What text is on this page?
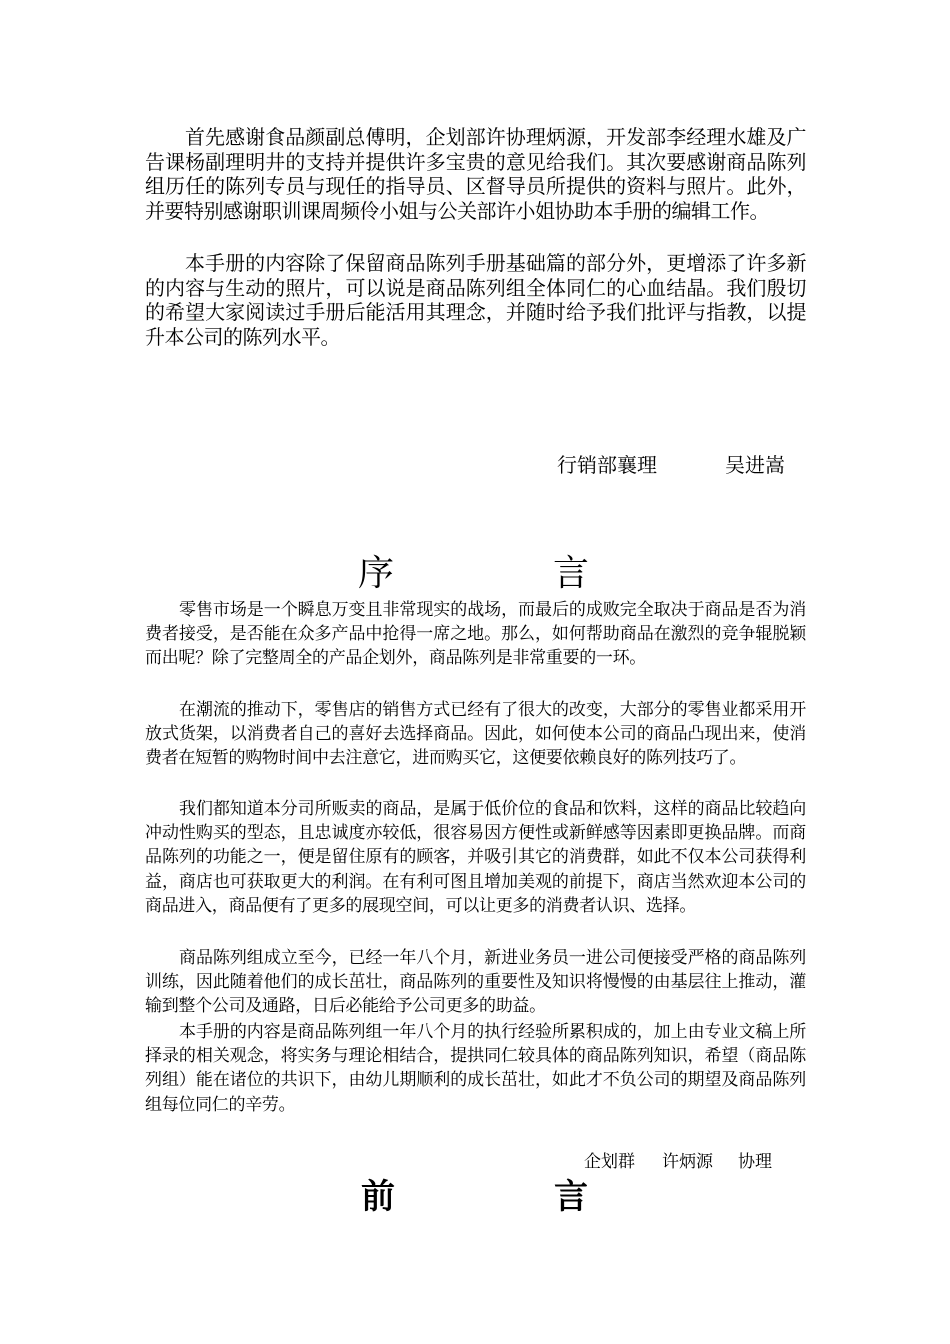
首先感谢食品颜副总傅明，企划部许协理炳源，开发部李经理水雄及广告课杨副理明井的支持并提供许多宝贵的意见给我们。其次要感谢商品陈列组历任的陈列专员与现任的指导员、区督导员所提供的资料与照片。此外，并要特别感谢职训课周频伶小姐与公关部许小姐协助本手册的编辑工作。

本手册的内容除了保留商品陈列手册基础篇的部分外，更增添了许多新的内容与生动的照片，可以说是商品陈列组全体同仁的心血结晶。我们殷切的希望大家阅读过手册后能活用其理念，并随时给予我们批评与指教，以提升本公司的陈列水平。

行销部襄理	吴进嵩
序	言

零售市场是一个瞬息万变且非常现实的战场，而最后的成败完全取决于商品是否为消费者接受，是否能在众多产品中抢得一席之地。那么，如何帮助商品在激烈的竞争辊脱颖而出呢？除了完整周全的产品企划外，商品陈列是非常重要的一环。

在潮流的推动下，零售店的销售方式已经有了很大的改变，大部分的零售业都采用开放式货架，以消费者自己的喜好去选择商品。因此，如何使本公司的商品凸现出来，使消费者在短暂的购物时间中去注意它，进而购买它，这便要依赖良好的陈列技巧了。

我们都知道本分司所贩卖的商品，是属于低价位的食品和饮料，这样的商品比较趋向冲动性购买的型态，且忠诚度亦较低，很容易因方便性或新鲜感等因素即更换品牌。而商品陈列的功能之一，便是留住原有的顾客，并吸引其它的消费群，如此不仅本公司获得利益，商店也可获取更大的利润。在有利可图且增加美观的前提下，商店当然欢迎本公司的商品进入，商品便有了更多的展现空间，可以让更多的消费者认识、选择。

商品陈列组成立至今，已经一年八个月，新进业务员一进公司便接受严格的商品陈列训练，因此随着他们的成长茁壮，商品陈列的重要性及知识将慢慢的由基层往上推动，灌输到整个公司及通路，日后必能给予公司更多的助益。

本手册的内容是商品陈列组一年八个月的执行经验所累积成的，加上由专业文稿上所择录的相关观念，将实务与理论相结合，提拱同仁较具体的商品陈列知识，希望（商品陈列组）能在诸位的共识下，由幼儿期顺利的成长茁壮，如此才不负公司的期望及商品陈列组每位同仁的辛劳。

企划群 许炳源 协理
前	言
